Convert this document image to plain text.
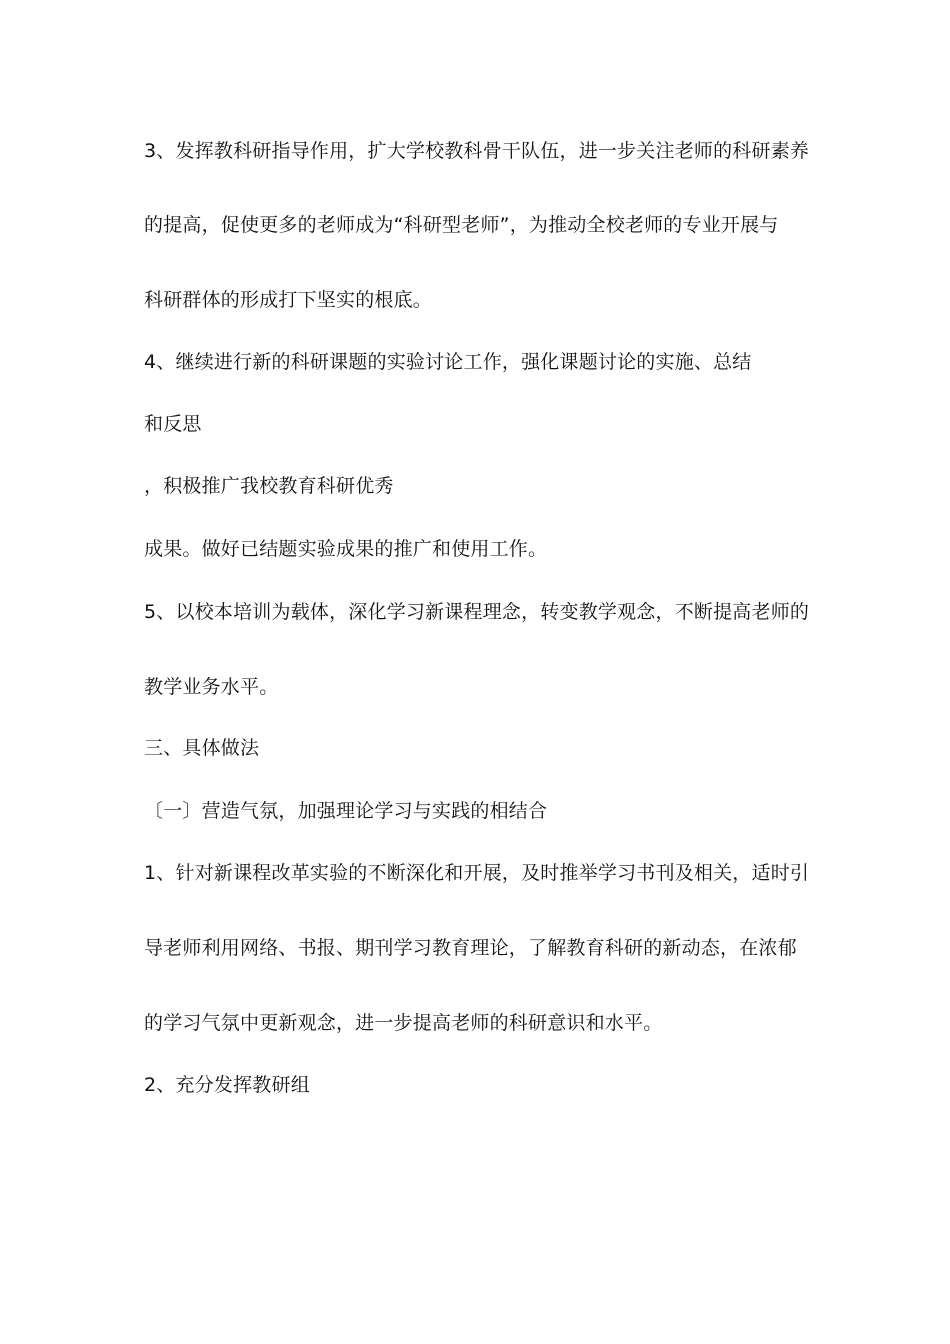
3、发挥教科研指导作用，扩大学校教科骨干队伍，进一步关注老师的科研素养
的提高，促使更多的老师成为“科研型老师”，为推动全校老师的专业开展与
科研群体的形成打下坚实的根底。
4、继续进行新的科研课题的实验讨论工作，强化课题讨论的实施、总结
和反思
，积极推广我校教育科研优秀
成果。做好已结题实验成果的推广和使用工作。
5、以校本培训为载体，深化学习新课程理念，转变教学观念，不断提高老师的
教学业务水平。
三、具体做法
〔一〕营造气氛，加强理论学习与实践的相结合
1、针对新课程改革实验的不断深化和开展，及时推举学习书刊及相关，适时引
导老师利用网络、书报、期刊学习教育理论，了解教育科研的新动态，在浓郁
的学习气氛中更新观念，进一步提高老师的科研意识和水平。
2、充分发挥教研组
